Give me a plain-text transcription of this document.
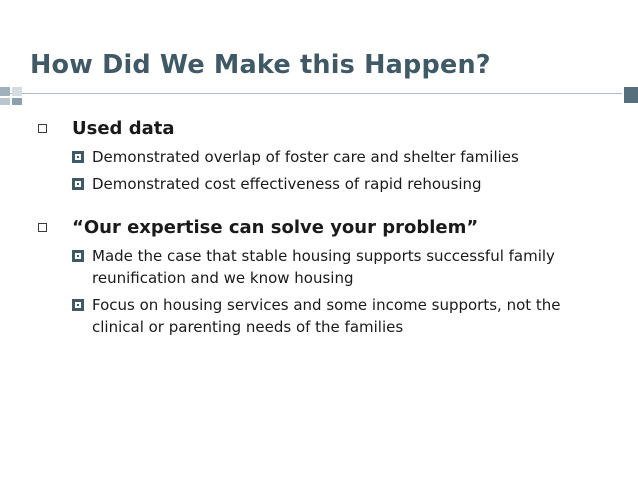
How Did We Make this Happen?
Used data
Demonstrated overlap of foster care and shelter families
Demonstrated cost effectiveness of rapid rehousing
“Our expertise can solve your problem”
Made the case that stable housing supports successful family reunification and we know housing
Focus on housing services and some income supports, not the clinical or parenting needs of the families
